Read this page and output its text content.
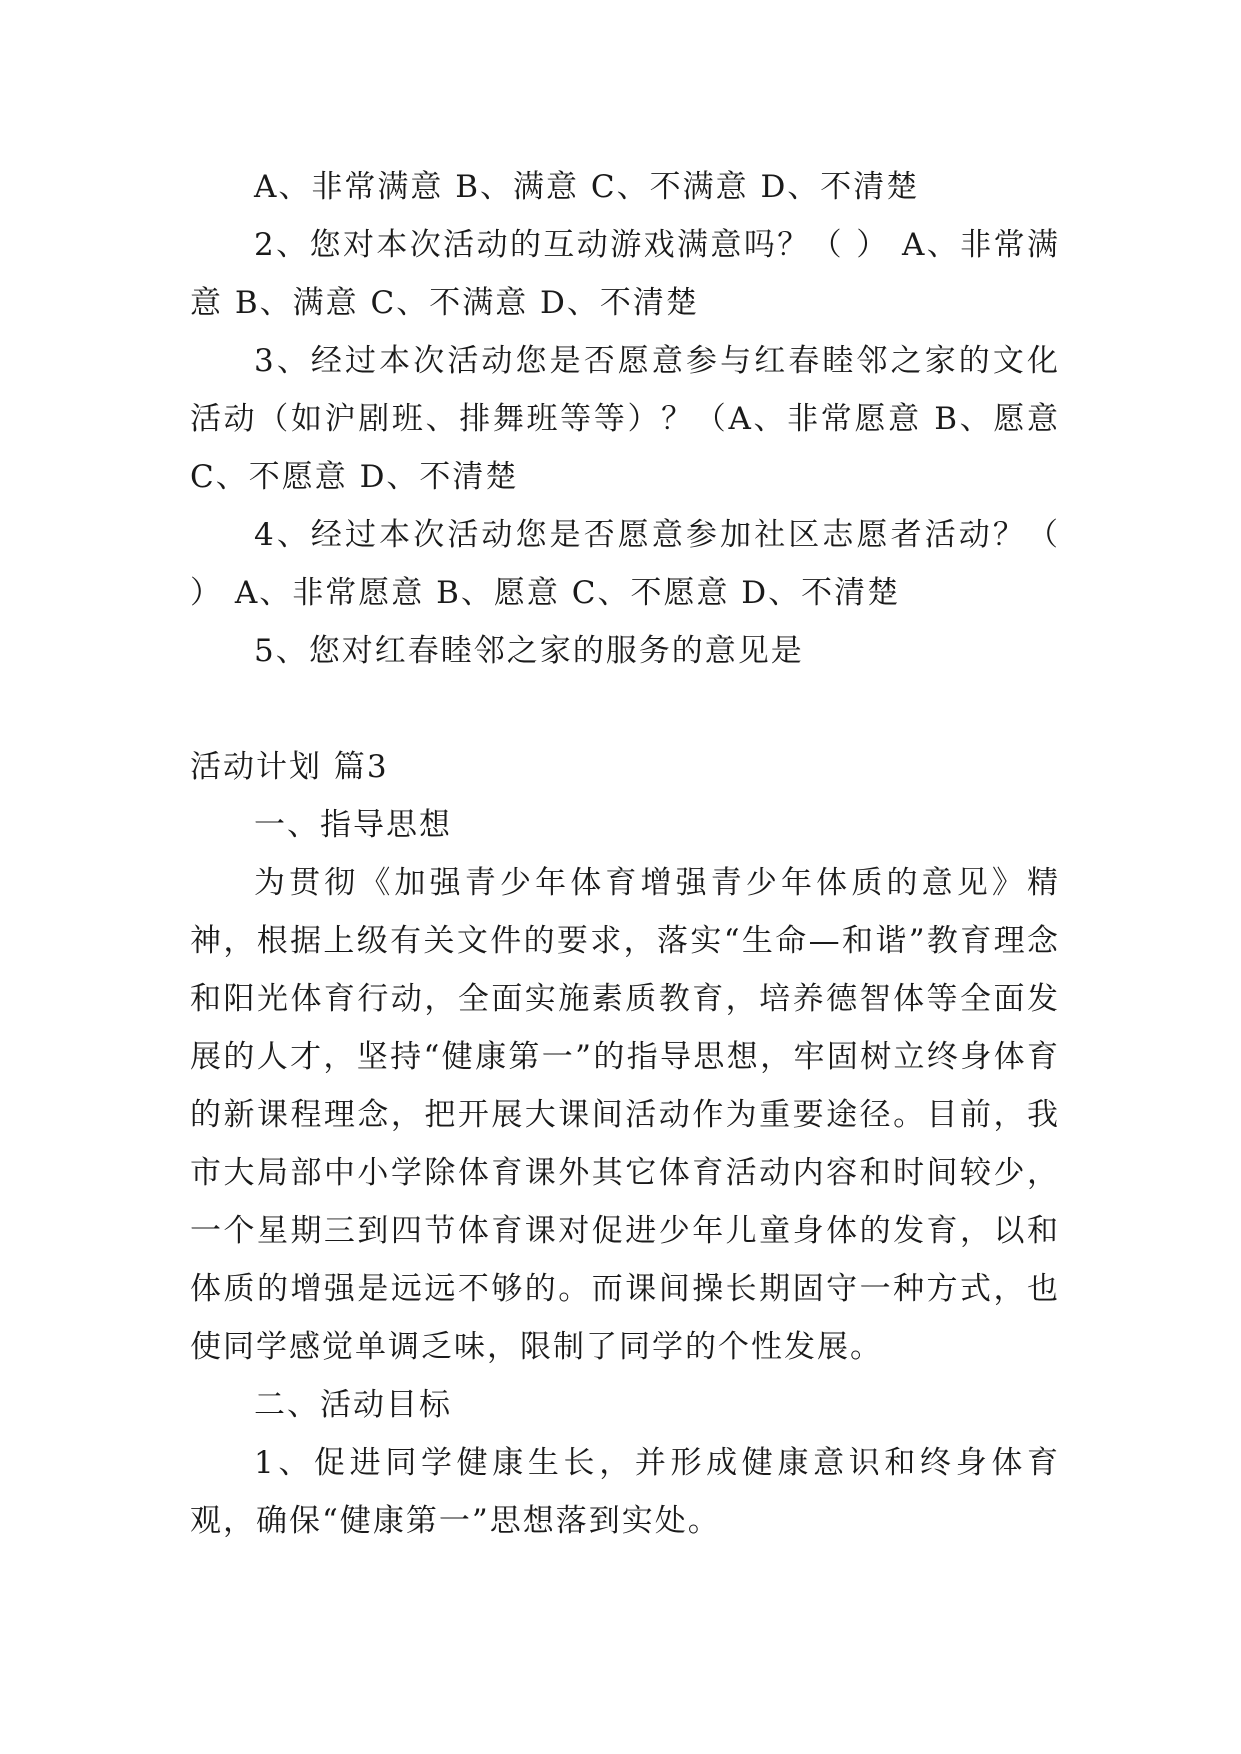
A、非常满意 B、满意 C、不满意 D、不清楚

2、您对本次活动的互动游戏满意吗？（ ） A、非常满意 B、满意 C、不满意 D、不清楚

3、经过本次活动您是否愿意参与红春睦邻之家的文化活动（如沪剧班、排舞班等等）？（A、非常愿意 B、愿意 C、不愿意 D、不清楚

4、经过本次活动您是否愿意参加社区志愿者活动？（ ） A、非常愿意 B、愿意 C、不愿意 D、不清楚

5、您对红春睦邻之家的服务的意见是

活动计划 篇3

一、指导思想

为贯彻《加强青少年体育增强青少年体质的意见》精神，根据上级有关文件的要求，落实“生命—和谐”教育理念和阳光体育行动，全面实施素质教育，培养德智体等全面发展的人才，坚持“健康第一”的指导思想，牢固树立终身体育的新课程理念，把开展大课间活动作为重要途径。目前，我市大局部中小学除体育课外其它体育活动内容和时间较少，一个星期三到四节体育课对促进少年儿童身体的发育，以和体质的增强是远远不够的。而课间操长期固守一种方式，也使同学感觉单调乏味，限制了同学的个性发展。

二、活动目标

1、促进同学健康生长，并形成健康意识和终身体育观，确保“健康第一”思想落到实处。
